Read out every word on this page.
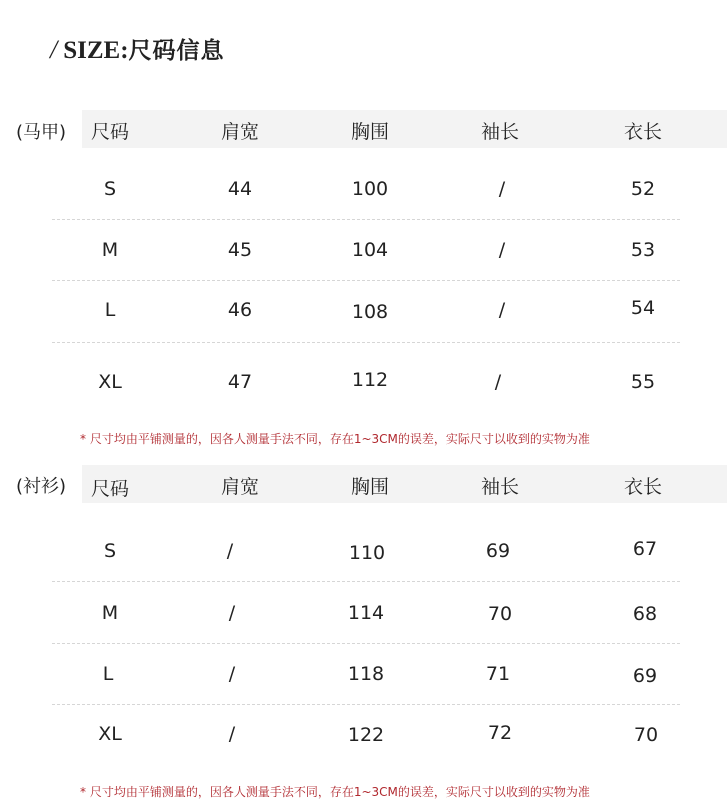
/ SIZE:尺码信息
(马甲) 尺码	肩宽	胸围	袖长	衣长
S	44	100	/	52
M	45	104	/	53
L	46	108	/	54
XL	47	112	/	55
* 尺寸均由平铺测量的，因各人测量手法不同，存在1~3CM的误差，实际尺寸以收到的实物为准
(衬衫) 尺码	肩宽	胸围	袖长	衣长
S	/	110	69	67
M	/	114	70	68
L	/	118	71	69
XL	/	122	72	70
* 尺寸均由平铺测量的，因各人测量手法不同，存在1~3CM的误差，实际尺寸以收到的实物为准
